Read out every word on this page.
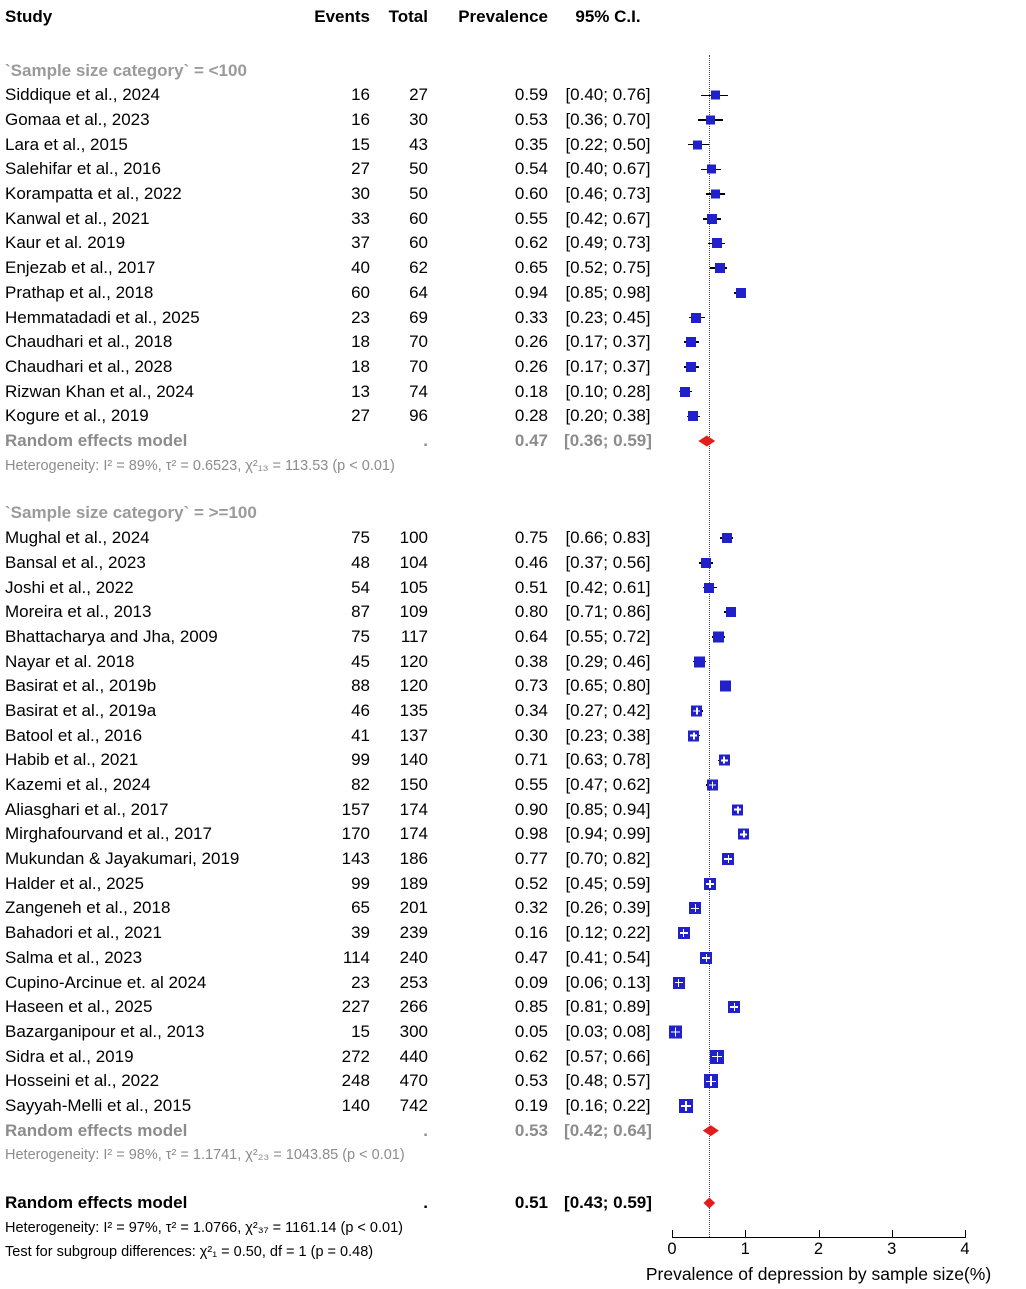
Study	Events	Total	Prevalence	95% C.I.
`Sample size category` = <100
Siddique et al., 2024	16	27	0.59	[0.40; 0.76]
Gomaa et al., 2023	16	30	0.53	[0.36; 0.70]
Lara et al., 2015	15	43	0.35	[0.22; 0.50]
Salehifar et al., 2016	27	50	0.54	[0.40; 0.67]
Korampatta et al., 2022	30	50	0.60	[0.46; 0.73]
Kanwal et al., 2021	33	60	0.55	[0.42; 0.67]
Kaur et al. 2019	37	60	0.62	[0.49; 0.73]
Enjezab et al., 2017	40	62	0.65	[0.52; 0.75]
Prathap et al., 2018	60	64	0.94	[0.85; 0.98]
Hemmatadadi et al., 2025	23	69	0.33	[0.23; 0.45]
Chaudhari et al., 2018	18	70	0.26	[0.17; 0.37]
Chaudhari et al., 2028	18	70	0.26	[0.17; 0.37]
Rizwan Khan et al., 2024	13	74	0.18	[0.10; 0.28]
Kogure et al., 2019	27	96	0.28	[0.20; 0.38]
Random effects model	.	0.47 [0.36; 0.59]
Heterogeneity: I² = 89%, τ² = 0.6523, χ²₁₃ = 113.53 (p < 0.01)
`Sample size category` = >=100
Mughal et al., 2024	75	100	0.75	[0.66; 0.83]
Bansal et al., 2023	48	104	0.46	[0.37; 0.56]
Joshi et al., 2022	54	105	0.51	[0.42; 0.61]
Moreira et al., 2013	87	109	0.80	[0.71; 0.86]
Bhattacharya and Jha, 2009	75	117	0.64	[0.55; 0.72]
Nayar et al. 2018	45	120	0.38	[0.29; 0.46]
Basirat et al., 2019b	88	120	0.73	[0.65; 0.80]
Basirat et al., 2019a	46	135	0.34	[0.27; 0.42]
Batool et al., 2016	41	137	0.30	[0.23; 0.38]
Habib et al., 2021	99	140	0.71	[0.63; 0.78]
Kazemi et al., 2024	82	150	0.55	[0.47; 0.62]
Aliasghari et al., 2017	157	174	0.90	[0.85; 0.94]
Mirghafourvand et al., 2017	170	174	0.98	[0.94; 0.99]
Mukundan & Jayakumari, 2019	143	186	0.77	[0.70; 0.82]
Halder et al., 2025	99	189	0.52	[0.45; 0.59]
Zangeneh et al., 2018	65	201	0.32	[0.26; 0.39]
Bahadori et al., 2021	39	239	0.16	[0.12; 0.22]
Salma et al., 2023	114	240	0.47	[0.41; 0.54]
Cupino-Arcinue et. al 2024	23	253	0.09	[0.06; 0.13]
Haseen et al., 2025	227	266	0.85	[0.81; 0.89]
Bazarganipour et al., 2013	15	300	0.05	[0.03; 0.08]
Sidra et al., 2019	272	440	0.62	[0.57; 0.66]
Hosseini et al., 2022	248	470	0.53	[0.48; 0.57]
Sayyah-Melli et al., 2015	140	742	0.19	[0.16; 0.22]
Random effects model	.	0.53 [0.42; 0.64]
Heterogeneity: I² = 98%, τ² = 1.1741, χ²₂₃ = 1043.85 (p < 0.01)
Random effects model	.	0.51 [0.43; 0.59]
Heterogeneity: I² = 97%, τ² = 1.0766, χ²₃₇ = 1161.14 (p < 0.01)
Test for subgroup differences: χ²₁ = 0.50, df = 1 (p = 0.48)	0	1	2	3	4
Prevalence of depression by sample size(%)
